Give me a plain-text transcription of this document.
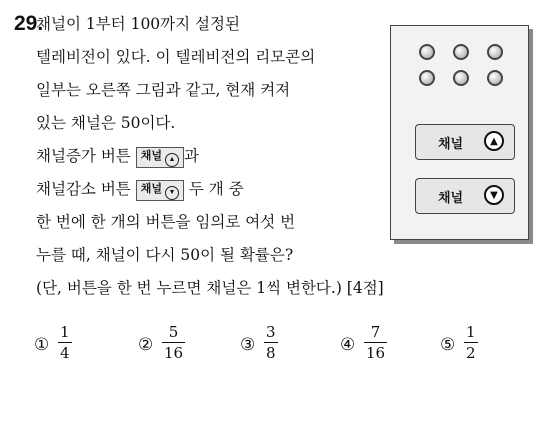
29.
채널이 1부터 100까지 설정된
텔레비전이 있다. 이 텔레비전의 리모콘의
일부는 오른쪽 그림과 같고, 현재 켜져
있는 채널은 50이다.
채널증가 버튼 채널 ▲ 과
채널감소 버튼 채널 ▼ 두 개 중
한 번에 한 개의 버튼을 임의로 여섯 번
누를 때, 채널이 다시 50이 될 확률은?
(단, 버튼을 한 번 누르면 채널은 1씩 변한다.) [4점]
채널	▲
채널	▼
① $\frac{1}{4}$	② $\frac{5}{16}$	③ $\frac{3}{8}$	④ $\frac{7}{16}$	⑤ $\frac{1}{2}$
